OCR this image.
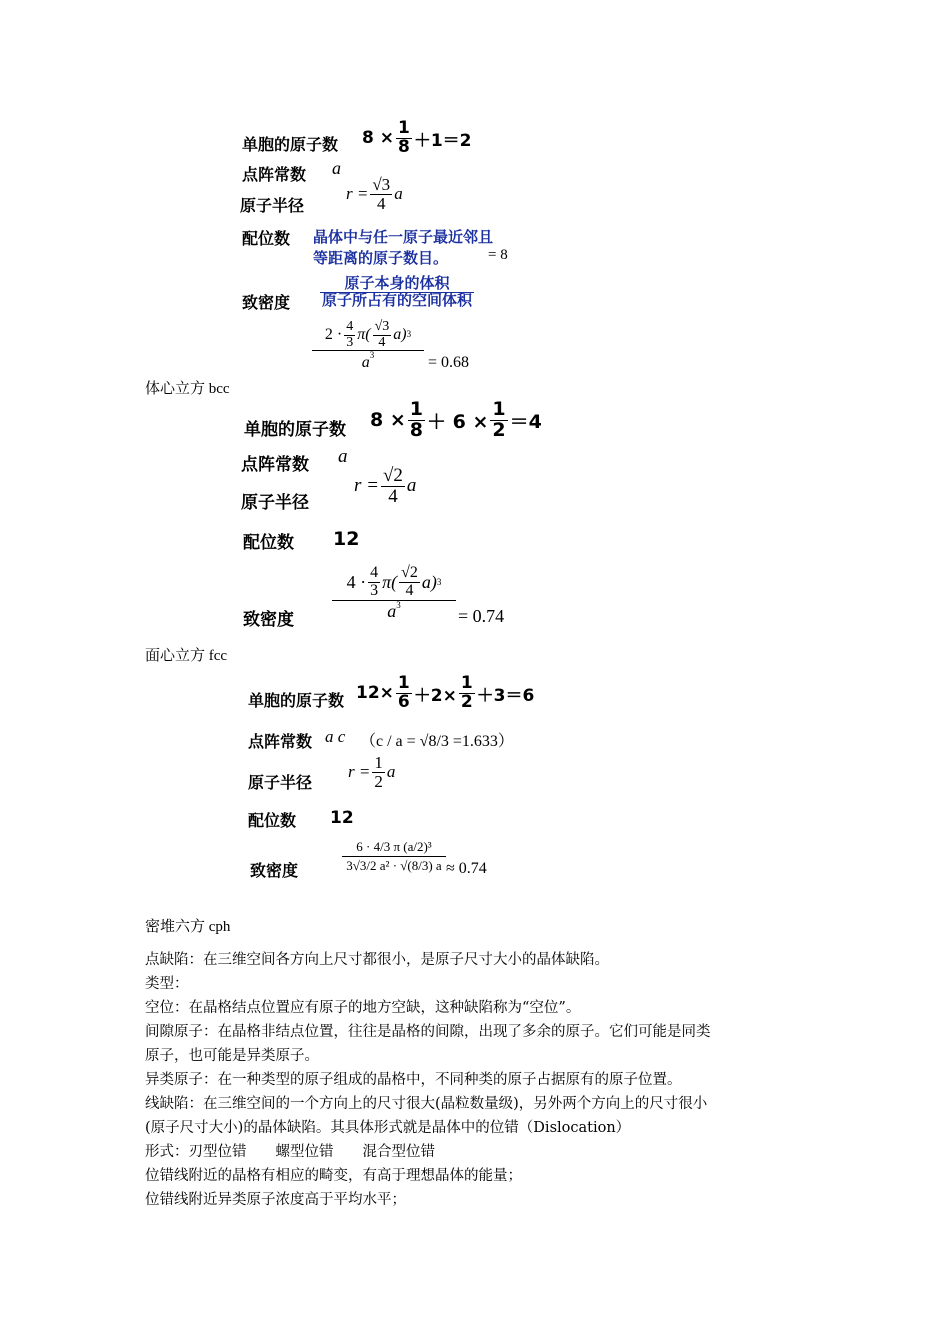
单胞的原子数 $8 \times \frac{1}{8} +1=2$
点阵常数 a
原子半径
$r = \frac{√3}{4}$ a
配位数 晶体中与任一原子最近邻且
等距离的原子数目。	= 8
致密度
原子本身的体积
原子所占有的空间体积
$2 \cdot \frac{4}{3} \pi( \frac{√3}{4} a)$ 3
$a^3$	= 0.68
体心立方 bcc
单胞的原子数 $8 \times \frac{1}{8} + 6 \times \frac{1}{2} =4$
点阵常数 a
原子半径
$r = \frac{√2}{4}$ a
配位数 12
致密度
$4 \cdot \frac{4}{3} \pi( \frac{√2}{4} a)$ 3
$a^3$
= 0.74
面心立方 fcc
单胞的原子数 $12\times \frac{1}{6} +2\times \frac{1}{2} +3=6$
点阵常数 a c （c / a = √8/3 =1.633）
原子半径
$r = \frac{1}{2}$ a
配位数 12
致密度
6 · 4/3 π (a/2)³
3√3/2 a² · √(8/3) a ≈ 0.74
密堆六方 cph
点缺陷：在三维空间各方向上尺寸都很小，是原子尺寸大小的晶体缺陷。
类型：
空位：在晶格结点位置应有原子的地方空缺，这种缺陷称为“空位”。
间隙原子：在晶格非结点位置，往往是晶格的间隙，出现了多余的原子。它们可能是同类
原子，也可能是异类原子。
异类原子：在一种类型的原子组成的晶格中，不同种类的原子占据原有的原子位置。
线缺陷：在三维空间的一个方向上的尺寸很大(晶粒数量级)，另外两个方向上的尺寸很小
(原子尺寸大小)的晶体缺陷。其具体形式就是晶体中的位错（Dislocation）
形式：刃型位错　　螺型位错　　混合型位错
位错线附近的晶格有相应的畸变，有高于理想晶体的能量；
位错线附近异类原子浓度高于平均水平；
